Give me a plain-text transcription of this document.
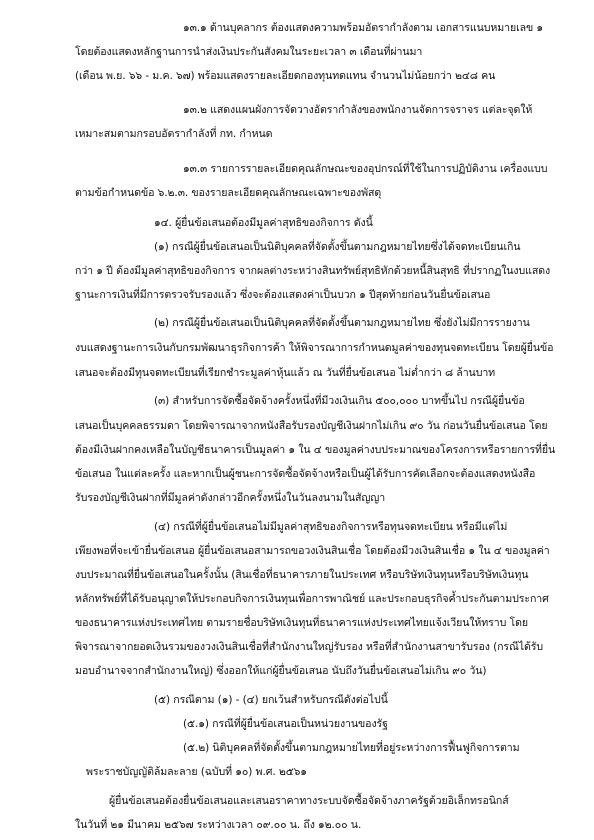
๑๓.๑ ด้านบุคลากร ต้องแสดงความพร้อมอัตรากำลังตาม เอกสารแนบหมายเลข ๑
โดยต้องแสดงหลักฐานการนำส่งเงินประกันสังคมในระยะเวลา ๓ เดือนที่ผ่านมา
(เดือน พ.ย. ๖๖ - ม.ค. ๖๗) พร้อมแสดงรายละเอียดกองทุนทดแทน จำนวนไม่น้อยกว่า ๒๔๘ คน
๑๓.๒ แสดงแผนผังการจัดวางอัตรากำลังของพนักงานจัดการจราจร แต่ละจุดให้
เหมาะสมตามกรอบอัตรากำลังที่ กท. กำหนด
๑๓.๓ รายการรายละเอียดคุณลักษณะของอุปกรณ์ที่ใช้ในการปฏิบัติงาน เครื่องแบบ
ตามข้อกำหนดข้อ ๖.๒.๓. ของรายละเอียดคุณลักษณะเฉพาะของพัสดุ
๑๔. ผู้ยื่นข้อเสนอต้องมีมูลค่าสุทธิของกิจการ ดังนี้
(๑) กรณีผู้ยื่นข้อเสนอเป็นนิติบุคคลที่จัดตั้งขึ้นตามกฎหมายไทยซึ่งได้จดทะเบียนเกิน
กว่า ๑ ปี ต้องมีมูลค่าสุทธิของกิจการ จากผลต่างระหว่างสินทรัพย์สุทธิหักด้วยหนี้สินสุทธิ ที่ปรากฏในงบแสดง
ฐานะการเงินที่มีการตรวจรับรองแล้ว ซึ่งจะต้องแสดงค่าเป็นบวก ๑ ปีสุดท้ายก่อนวันยื่นข้อเสนอ
(๒) กรณีผู้ยื่นข้อเสนอเป็นนิติบุคคลที่จัดตั้งขึ้นตามกฎหมายไทย ซึ่งยังไม่มีการรายงาน
งบแสดงฐานะการเงินกับกรมพัฒนาธุรกิจการค้า ให้พิจารณาการกำหนดมูลค่าของทุนจดทะเบียน โดยผู้ยื่นข้อ
เสนอจะต้องมีทุนจดทะเบียนที่เรียกชำระมูลค่าหุ้นแล้ว ณ วันที่ยื่นข้อเสนอ ไม่ต่ำกว่า ๘ ล้านบาท
(๓) สำหรับการจัดซื้อจัดจ้างครั้งหนึ่งที่มีวงเงินเกิน ๕๐๐,๐๐๐ บาทขึ้นไป กรณีผู้ยื่นข้อ
เสนอเป็นบุคคลธรรมดา โดยพิจารณาจากหนังสือรับรองบัญชีเงินฝากไม่เกิน ๙๐ วัน ก่อนวันยื่นข้อเสนอ โดย
ต้องมีเงินฝากคงเหลือในบัญชีธนาคารเป็นมูลค่า ๑ ใน ๔ ของมูลค่างบประมาณของโครงการหรือรายการที่ยื่น
ข้อเสนอ ในแต่ละครั้ง และหากเป็นผู้ชนะการจัดซื้อจัดจ้างหรือเป็นผู้ได้รับการคัดเลือกจะต้องแสดงหนังสือ
รับรองบัญชีเงินฝากที่มีมูลค่าดังกล่าวอีกครั้งหนึ่งในวันลงนามในสัญญา
(๔) กรณีที่ผู้ยื่นข้อเสนอไม่มีมูลค่าสุทธิของกิจการหรือทุนจดทะเบียน หรือมีแต่ไม่
เพียงพอที่จะเข้ายื่นข้อเสนอ ผู้ยื่นข้อเสนอสามารถขอวงเงินสินเชื่อ โดยต้องมีวงเงินสินเชื่อ ๑ ใน ๔ ของมูลค่า
งบประมาณที่ยื่นข้อเสนอในครั้งนั้น (สินเชื่อที่ธนาคารภายในประเทศ หรือบริษัทเงินทุนหรือบริษัทเงินทุน
หลักทรัพย์ที่ได้รับอนุญาตให้ประกอบกิจการเงินทุนเพื่อการพาณิชย์ และประกอบธุรกิจค้ำประกันตามประกาศ
ของธนาคารแห่งประเทศไทย ตามรายชื่อบริษัทเงินทุนที่ธนาคารแห่งประเทศไทยแจ้งเวียนให้ทราบ โดย
พิจารณาจากยอดเงินรวมของวงเงินสินเชื่อที่สำนักงานใหญ่รับรอง หรือที่สำนักงานสาขารับรอง (กรณีได้รับ
มอบอำนาจจากสำนักงานใหญ่) ซึ่งออกให้แก่ผู้ยื่นข้อเสนอ นับถึงวันยื่นข้อเสนอไม่เกิน ๙๐ วัน)
(๕) กรณีตาม (๑) - (๔) ยกเว้นสำหรับกรณีดังต่อไปนี้
(๕.๑) กรณีที่ผู้ยื่นข้อเสนอเป็นหน่วยงานของรัฐ
(๕.๒) นิติบุคคลที่จัดตั้งขึ้นตามกฎหมายไทยที่อยู่ระหว่างการฟื้นฟูกิจการตาม
พระราชบัญญัติล้มละลาย (ฉบับที่ ๑๐) พ.ศ. ๒๕๖๑
ผู้ยื่นข้อเสนอต้องยื่นข้อเสนอและเสนอราคาทางระบบจัดซื้อจัดจ้างภาครัฐด้วยอิเล็กทรอนิกส์
ในวันที่ ๒๑ มีนาคม ๒๕๖๗ ระหว่างเวลา ๐๙.๐๐ น. ถึง ๑๒.๐๐ น.
